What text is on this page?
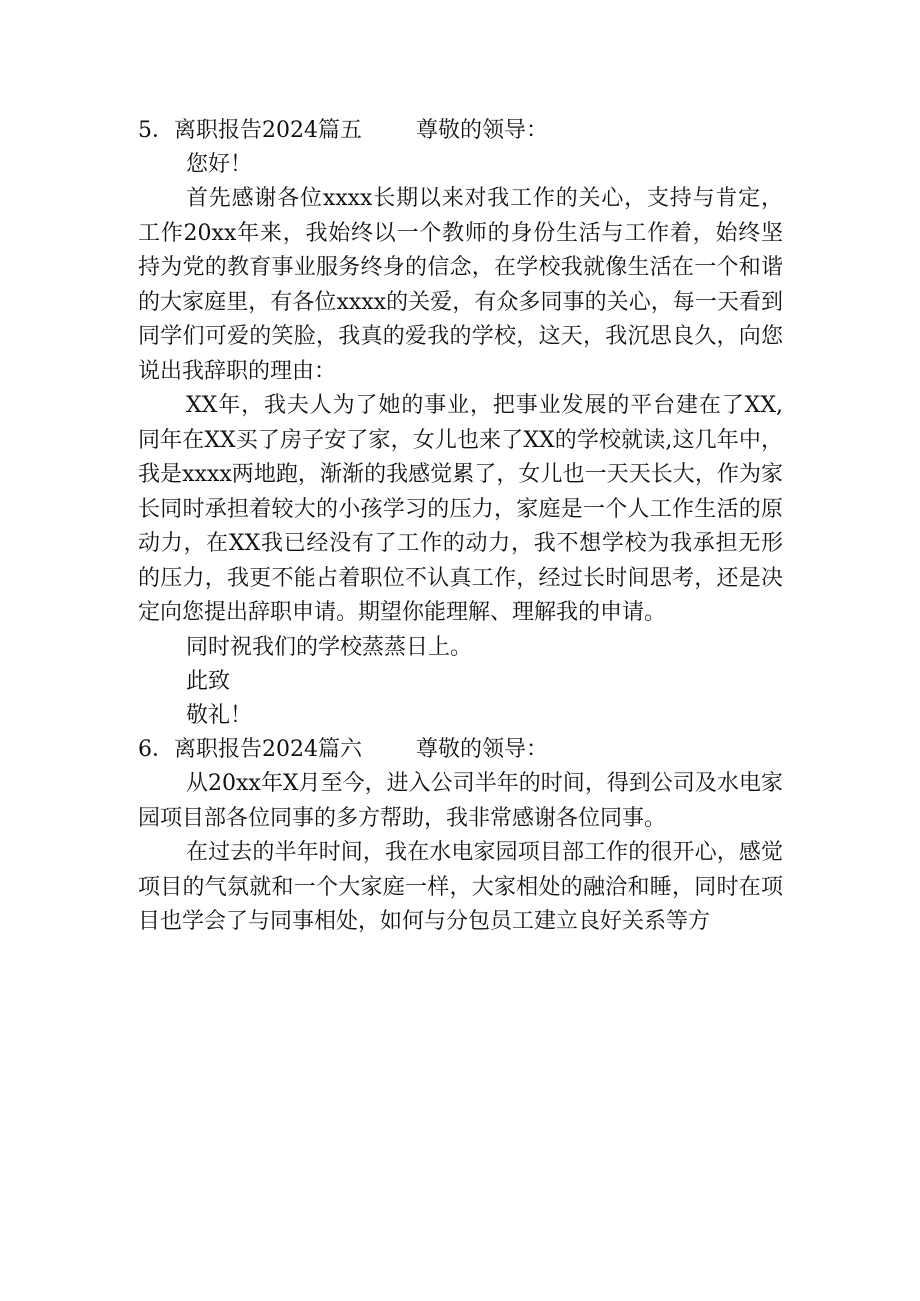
5．离职报告2024篇五	尊敬的领导：
您好！

首先感谢各位xxxx长期以来对我工作的关心，支持与肯定，工作20xx年来，我始终以一个教师的身份生活与工作着，始终坚持为党的教育事业服务终身的信念，在学校我就像生活在一个和谐的大家庭里，有各位xxxx的关爱，有众多同事的关心，每一天看到同学们可爱的笑脸，我真的爱我的学校，这天，我沉思良久，向您说出我辞职的理由：

XX年，我夫人为了她的事业，把事业发展的平台建在了XX,同年在XX买了房子安了家，女儿也来了XX的学校就读,这几年中，我是xxxx两地跑，渐渐的我感觉累了，女儿也一天天长大，作为家长同时承担着较大的小孩学习的压力，家庭是一个人工作生活的原动力，在XX我已经没有了工作的动力，我不想学校为我承担无形的压力，我更不能占着职位不认真工作，经过长时间思考，还是决定向您提出辞职申请。期望你能理解、理解我的申请。

同时祝我们的学校蒸蒸日上。

此致
敬礼！
6．离职报告2024篇六	尊敬的领导：

从20xx年X月至今，进入公司半年的时间，得到公司及水电家园项目部各位同事的多方帮助，我非常感谢各位同事。

在过去的半年时间，我在水电家园项目部工作的很开心，感觉项目的气氛就和一个大家庭一样，大家相处的融洽和睡，同时在项目也学会了与同事相处，如何与分包员工建立良好关系等方
